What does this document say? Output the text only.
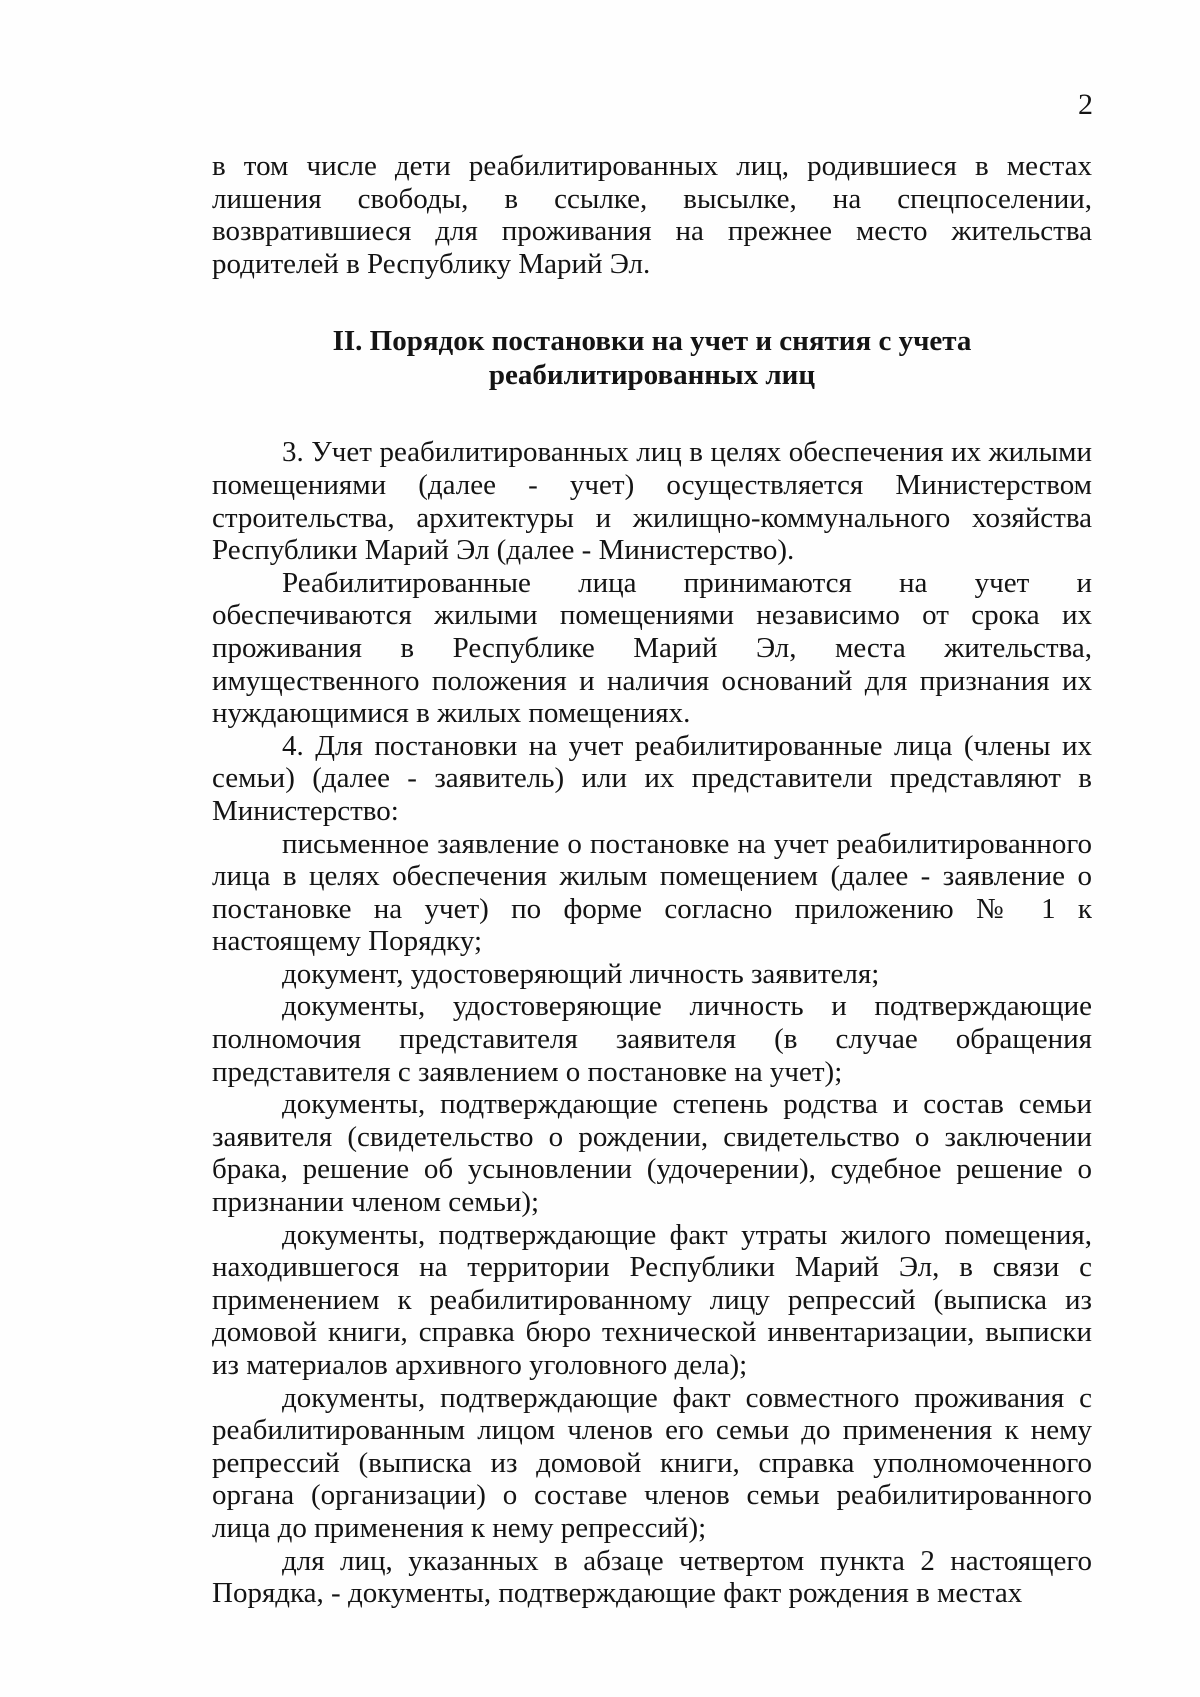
2

в том числе дети реабилитированных лиц, родившиеся в местах лишения свободы, в ссылке, высылке, на спецпоселении, возвратившиеся для проживания на прежнее место жительства родителей в Республику Марий Эл.

II. Порядок постановки на учет и снятия с учета
реабилитированных лиц

3. Учет реабилитированных лиц в целях обеспечения их жилыми помещениями (далее - учет) осуществляется Министерством строительства, архитектуры и жилищно-коммунального хозяйства Республики Марий Эл (далее - Министерство).

Реабилитированные лица принимаются на учет и обеспечиваются жилыми помещениями независимо от срока их проживания в Республике Марий Эл, места жительства, имущественного положения и наличия оснований для признания их нуждающимися в жилых помещениях.

4. Для постановки на учет реабилитированные лица (члены их семьи) (далее - заявитель) или их представители представляют в Министерство:

письменное заявление о постановке на учет реабилитированного лица в целях обеспечения жилым помещением (далее - заявление о постановке на учет) по форме согласно приложению № 1 к настоящему Порядку;

документ, удостоверяющий личность заявителя;

документы, удостоверяющие личность и подтверждающие полномочия представителя заявителя (в случае обращения представителя с заявлением о постановке на учет);

документы, подтверждающие степень родства и состав семьи заявителя (свидетельство о рождении, свидетельство о заключении брака, решение об усыновлении (удочерении), судебное решение о признании членом семьи);

документы, подтверждающие факт утраты жилого помещения, находившегося на территории Республики Марий Эл, в связи с применением к реабилитированному лицу репрессий (выписка из домовой книги, справка бюро технической инвентаризации, выписки из материалов архивного уголовного дела);

документы, подтверждающие факт совместного проживания с реабилитированным лицом членов его семьи до применения к нему репрессий (выписка из домовой книги, справка уполномоченного органа (организации) о составе членов семьи реабилитированного лица до применения к нему репрессий);

для лиц, указанных в абзаце четвертом пункта 2 настоящего Порядка, - документы, подтверждающие факт рождения в местах
